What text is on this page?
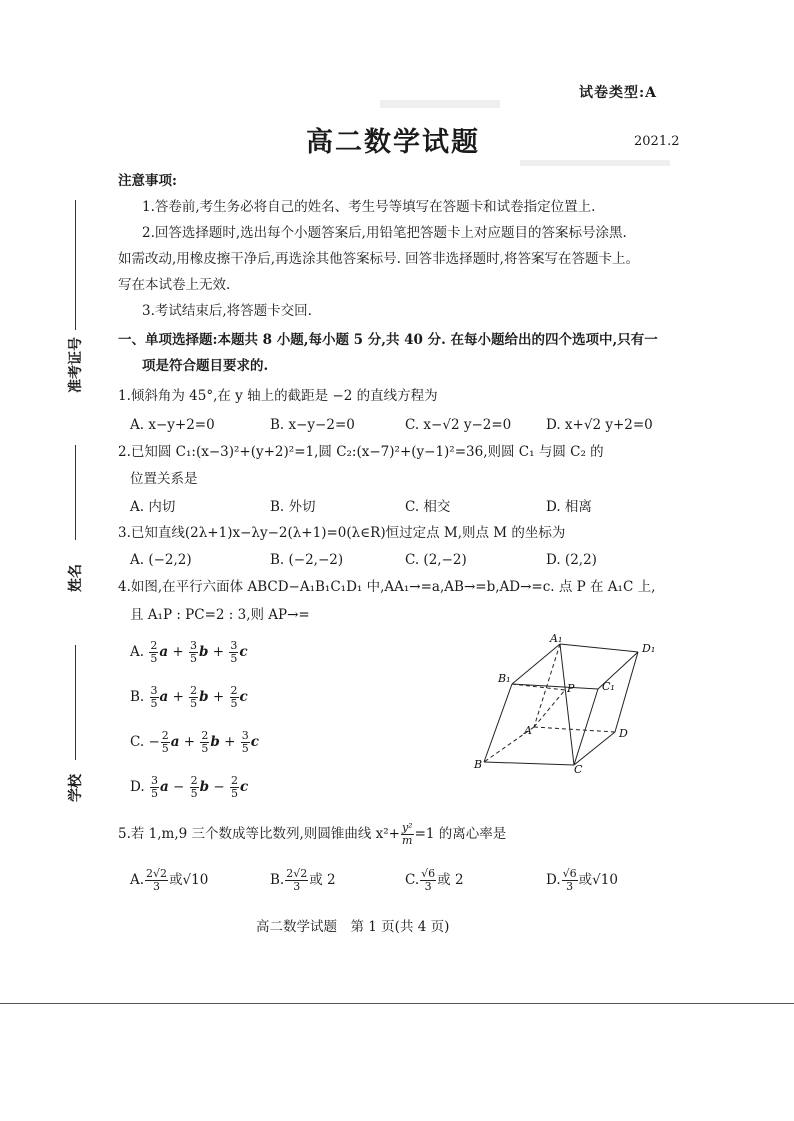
试卷类型:A
高二数学试题	2021.2
注意事项:
1.答卷前,考生务必将自己的姓名、考生号等填写在答题卡和试卷指定位置上.
2.回答选择题时,选出每个小题答案后,用铅笔把答题卡上对应题目的答案标号涂黑.
如需改动,用橡皮擦干净后,再选涂其他答案标号. 回答非选择题时,将答案写在答题卡上。
写在本试卷上无效.
3.考试结束后,将答题卡交回.
准考证号
姓名
学校
一、单项选择题:本题共 8 小题,每小题 5 分,共 40 分. 在每小题给出的四个选项中,只有一
项是符合题目要求的.
1.倾斜角为 45°,在 y 轴上的截距是 −2 的直线方程为
A. x−y+2=0	B. x−y−2=0	C. x−√2 y−2=0	D. x+√2 y+2=0
2.已知圆 C₁:(x−3)²+(y+2)²=1,圆 C₂:(x−7)²+(y−1)²=36,则圆 C₁ 与圆 C₂ 的
位置关系是
A. 内切	B. 外切	C. 相交	D. 相离
3.已知直线(2λ+1)x−λy−2(λ+1)=0(λ∈R)恒过定点 M,则点 M 的坐标为
A. (−2,2)	B. (−2,−2)	C. (2,−2)	D. (2,2)
4.如图,在平行六面体 ABCD−A₁B₁C₁D₁ 中,AA₁→=a,AB→=b,AD→=c. 点 P 在 A₁C 上,
且 A₁P : PC=2 : 3,则 AP→=
A. $\frac{2}{5}$ $a + \frac{3}{5}$ $b + \frac{3}{5}$ c
B. $\frac{3}{5}$ $a + \frac{2}{5}$ $b + \frac{2}{5}$ c
C. − $\frac{2}{5}$ $a + \frac{2}{5}$ $b + \frac{3}{5}$ c
D. $\frac{3}{5}$ $a - \frac{2}{5}$ $b - \frac{2}{5}$ c
A₁
D₁
B₁
C₁
P
A	D
B	C
5.若 1,m,9 三个数成等比数列,则圆锥曲线 $x^2+ \frac{\text{y²}}{m} =1$ 的离心率是
A. $\frac{2√2}{3}$ 或√10	B. $\frac{2√2}{3}$ 或 2	C. $\frac{√6}{3}$ 或 2	D. $\frac{√6}{3}$ 或√10
高二数学试题　第 1 页(共 4 页)
